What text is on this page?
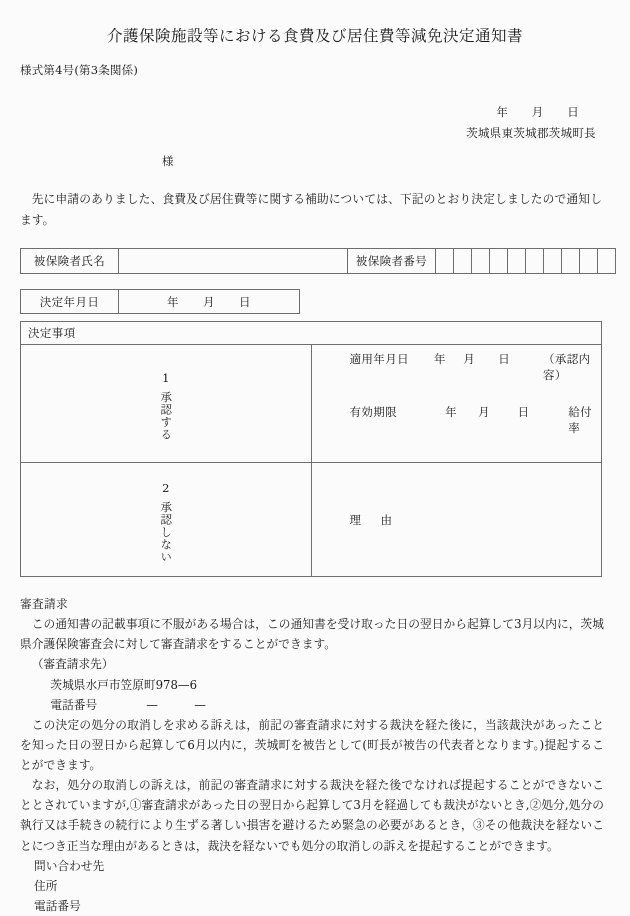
介護保険施設等における食費及び居住費等減免決定通知書
様式第4号(第3条関係)
年　　月　　日
茨城県東茨城郡茨城町長
様
先に申請のありました、食費及び居住費等に関する補助については、下記のとおり決定しましたので通知します。
被保険者氏名		被保険者番号										
決定年月日	年　　月　　日
決定事項	

1
承認する	
適用年月日	年	月	日	（承認内容）
有効期限	年	月	日	給付率

2
承認しない	理　由
審査請求
この通知書の記載事項に不服がある場合は，この通知書を受け取った日の翌日から起算して3月以内に，茨城県介護保険審査会に対して審査請求をすることができます。
（審査請求先）
茨城県水戸市笠原町978—6
電話番号	—	—
この決定の処分の取消しを求める訴えは，前記の審査請求に対する裁決を経た後に，当該裁決があったことを知った日の翌日から起算して6月以内に，茨城町を被告として(町長が被告の代表者となります。)提起することができます。
なお，処分の取消しの訴えは，前記の審査請求に対する裁決を経た後でなければ提起することができないこととされていますが,①審査請求があった日の翌日から起算して3月を経過しても裁決がないとき,②処分,処分の執行又は手続きの続行により生ずる著しい損害を避けるため緊急の必要があるとき，③その他裁決を経ないことにつき正当な理由があるときは，裁決を経ないでも処分の取消しの訴えを提起することができます。
問い合わせ先
住所
電話番号
